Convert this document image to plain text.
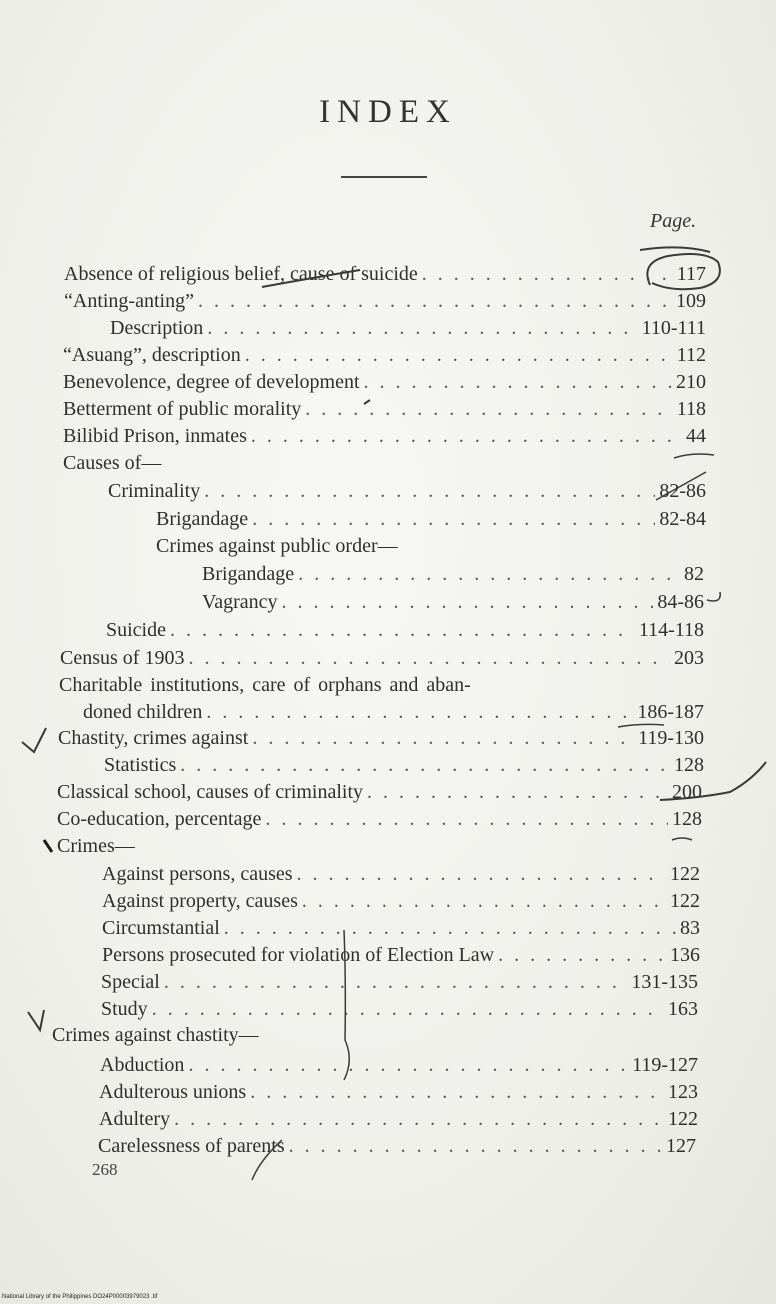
INDEX
Page.
Absence of religious belief, cause of suicide . . .	117
“Anting-anting” . . .	109
Description . . .	110-111
“Asuang”, description . . .	112
Benevolence, degree of development . . .	210
Betterment of public morality . . .	118
Bilibid Prison, inmates . . .	44
Causes of—
Criminality . . .	82-86
Brigandage . . .	82-84
Crimes against public order—
Brigandage . . .	82
Vagrancy . . .	84-86
Suicide . . .	114-118
Census of 1903 . . .	203
Charitable institutions, care of orphans and aban-
doned children . . .	186-187
Chastity, crimes against . . .	119-130
Statistics . . .	128
Classical school, causes of criminality . . .	200
Co-education, percentage . . .	128
Crimes—
Against persons, causes . . .	122
Against property, causes . . .	122
Circumstantial . . .	83
Persons prosecuted for violation of Election Law . . .	136
Special . . .	131-135
Study . . .	163
Crimes against chastity—
Abduction . . .	119-127
Adulterous unions . . .	123
Adultery . . .	122
Carelessness of parents . . .	127
268
National Library of the Philippines DO24P00003979023 .tif
